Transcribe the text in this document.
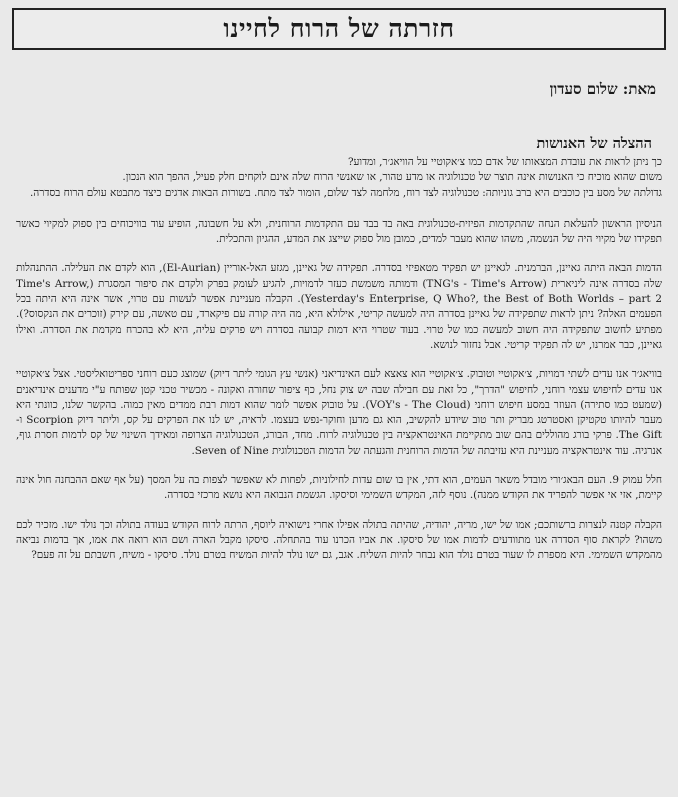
חזרתה של הרוח לחיינו
מאת: שלום סעדון
ההצלה של האנושות

כך ניתן לראות את עובדת המצאותו של אדם כמו צ׳אקוטיי על הוויאג׳ר, ומדוע?

משום שהוא מוכיח כי האנושות אינה תוצר של טכנולוגיה או מדע טהור, או שאנשי הרוח שלה אינם לוקחים חלק פעיל, ההפך הוא הנכון.

גדולתה של מסע בין כוכבים היא ברב גוניותה: טכנולוגיה לצד רוח, מלחמה לצד שלום, הומור לצד מתח. בשורות הבאות אדגים כיצד מתבטא עולם הרוח בסדרה.

הניסיון הראשון להעלאת הנחה שהתקדמות הפיזית-טכנולוגית באה בד בבד עם התקדמות הרוחנית, ולא על חשבונה, הופיע עוד בוויכוחים בין ספוק למקיוי כאשר תפקידו של מקיוי היה של הנשמה, משהו שהוא מעבר למדים, כמובן מול ספוק שייצג את המדע, ההגיון והתכלית.

הדמות הבאה היתה גאיינן, הברמנית. לגאיינן יש תפקיד מטאפיזי בסדרה. תפקידה של גאיינן, מגזע האל-אוריין (El-Aurian), הוא לקדם את העלילה. ההתנהלות שלה בסדרה אינה ליניארית (TNG's - Time's Arrow) ודמותה משמשת כעזר לדמויות, להגיע לעומק בפרק ולקדם את סיפור המסגרת (Time's Arrow, Yesterday's Enterprise, Q Who?, the Best of Both Worlds – part 2). הקבלה מעניינת אפשר לעשות עם טרוי, אשר אינה היא היתה בכל הפעמים האלה? ניתן לראות שתפקידה של גאיינן בסדרה היה למעשה קריטי, אילולא היא, מה היה קורה עם פיקארד, עם טאשה, עם קירק (זוכרים את הנקסוס?). מפתיע לחשוב שתפקידה היה חשוב למעשה כמו של טרוי. בעוד שטרוי היא דמות קבועה בסדרה ויש פרקים עליה, היא לא בהכרח מקדמת את הסדרה. ואילו גאיינן, כבר אמרנו, יש לה תפקיד קריטי. אבל נחזור לנושא.

בוויאג׳ר אנו עדים לשתי דמויות, צ׳אקוטיי וטובוק. צ׳אקוטיי הוא צאצא לעם האינדיאני (אנשי עץ הגומי ליתר דיוק) שמוצג כעם רוחני ספריטואליסטי. אצל צ׳אקוטיי אנו עדים לחיפוש עצמי רוחני, לחיפוש "הדרך", כל זאת עם חבילה שבה יש צוק נחל, כף ציפור שחורה ואקונה - מכשיר טכני קטן שפותח ע"י מדענים אינדיאנים (שמעט כמו סתירה) העוזר במסע חיפוש רוחני (VOY's - The Cloud). על טובוק אפשר לומר שהוא דמות רבת ממדים מאין כמוה. בהקשר שלנו, כוונתי היא מעבר להיותו טקטיקן ואסטרטג מבריק ותר טוב שיודע להקשיב, הוא גם מדען וחוקר-נפש בעצמו. לראיה, יש לנו את הפרקים על קס, וליתר דיוק Scorpion ו-The Gift. פרקי בורג מהוללים בהם שוב מתקיימת האינטראקציה בין טכנולוגיה לרוח. מחד, הבורג, הטכנולוגיה הצרופה ומאידך השינוי של קס לדמות חסרת גוף, אנרגיה. עוד אינטראקציה מעניינת היא עזיבתה של הדמות הרוחנית והגעתה של הדמות הטכנולוגית Seven of Nine.

חלל עמוק 9. העם הבאג׳ורי מובדל משאר העמים, הוא דתי, אין בו שום עדות לחילוניות, לפחות לא שאפשר לצפות בה על המסך (על אף שאם ההבחנה חול אינה קיימת, אזי אי אפשר להפריד את הקודש ממנה). נוסף לזה, המקדש השמימי וסיסקו. הגשמת הנבואה היא נושא מרכזי בסדרה.

הקבלה קטנה לנצרות ברשותכם; אמו של ישו, מריה, יהודיה, שהיתה בתולה אפילו אחרי נישואיה ליוסף, הרתה לרוח הקודש בעודה בתולה וכך נולד ישו. מזכיר לכם משהו? לקראת סוף הסדרה אנו מתוודעים לדמות אמו של סיסקו. את אביו הכרנו עוד בהתחלה. סיסקו מקבל הארה ושם הוא רואה את אמו, אך בדמות נביאה מהמקדש השמימי. היא מספרת לו שעוד בטרם נולד הוא נבחר להיות השליח. אגב, גם ישו נולד להיות המשיח בטרם נולד. סיסקו - משיח, חשבתם על זה פעם?
